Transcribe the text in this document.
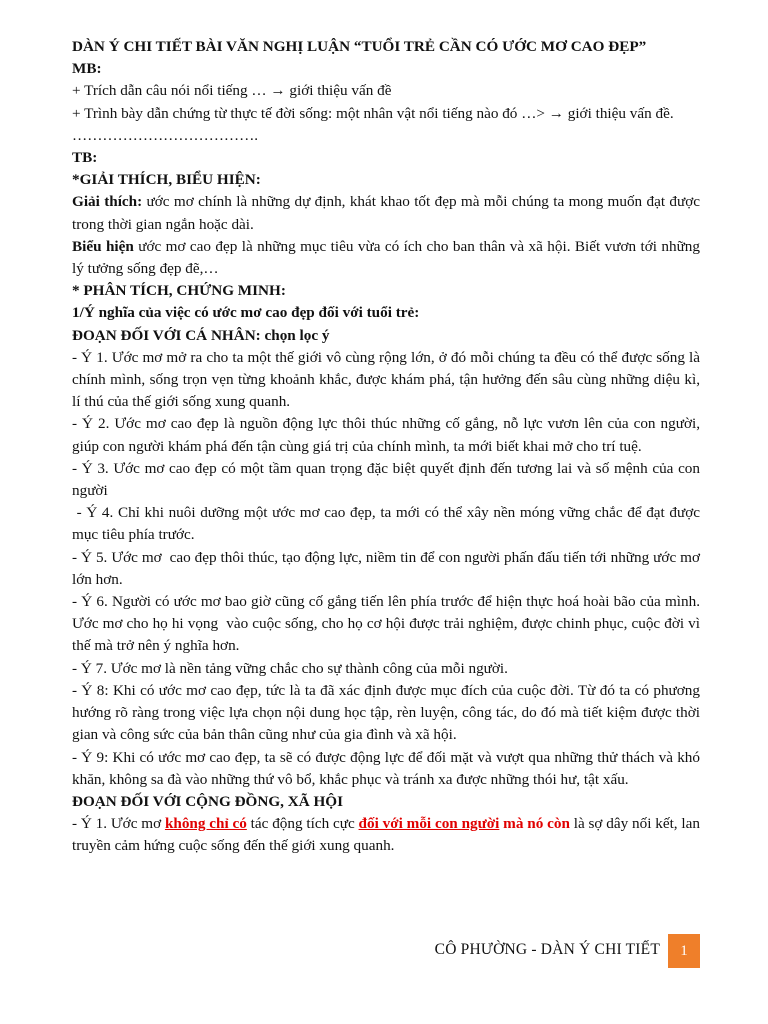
DÀN Ý CHI TIẾT BÀI VĂN NGHỊ LUẬN “TUỔI TRẺ CẦN CÓ ƯỚC MƠ CAO ĐẸP”

MB:

+ Trích dẫn câu nói nổi tiếng … → giới thiệu vấn đề

+ Trình bày dẫn chứng từ thực tế đời sống: một nhân vật nổi tiếng nào đó …> → giới thiệu vấn đề.

……………………………….

TB:

*GIẢI THÍCH, BIỂU HIỆN:

Giải thích: ước mơ chính là những dự định, khát khao tốt đẹp mà mỗi chúng ta mong muốn đạt được trong thời gian ngắn hoặc dài.

Biểu hiện ước mơ cao đẹp là những mục tiêu vừa có ích cho ban thân và xã hội. Biết vươn tới những lý tưởng sống đẹp đẽ,…

* PHÂN TÍCH, CHỨNG MINH:

1/Ý nghĩa của việc có ước mơ cao đẹp đối với tuổi trẻ:

ĐOẠN ĐỐI VỚI CÁ NHÂN: chọn lọc ý

- Ý 1. Ước mơ mở ra cho ta một thế giới vô cùng rộng lớn, ở đó mỗi chúng ta đều có thể được sống là chính mình, sống trọn vẹn từng khoảnh khắc, được khám phá, tận hưởng đến sâu cùng những diệu kì, lí thú của thế giới sống xung quanh.

- Ý 2. Ước mơ cao đẹp là nguồn động lực thôi thúc những cố gắng, nỗ lực vươn lên của con người, giúp con người khám phá đến tận cùng giá trị của chính mình, ta mới biết khai mở cho trí tuệ.

- Ý 3. Ước mơ cao đẹp có một tầm quan trọng đặc biệt quyết định đến tương lai và số mệnh của con người

- Ý 4. Chỉ khi nuôi dưỡng một ước mơ cao đẹp, ta mới có thể xây nền móng vững chắc để đạt được mục tiêu phía trước.

- Ý 5. Ước mơ  cao đẹp thôi thúc, tạo động lực, niềm tin để con người phấn đấu tiến tới những ước mơ lớn hơn.

- Ý 6. Người có ước mơ bao giờ cũng cố gắng tiến lên phía trước để hiện thực hoá hoài bão của mình. Ước mơ cho họ hi vọng  vào cuộc sống, cho họ cơ hội được trải nghiệm, được chinh phục, cuộc đời vì thế mà trở nên ý nghĩa hơn.

- Ý 7. Ước mơ là nền tảng vững chắc cho sự thành công của mỗi người.

- Ý 8: Khi có ước mơ cao đẹp, tức là ta đã xác định được mục đích của cuộc đời. Từ đó ta có phương hướng rõ ràng trong việc lựa chọn nội dung học tập, rèn luyện, công tác, do đó mà tiết kiệm được thời gian và công sức của bản thân cũng như của gia đình và xã hội.

- Ý 9: Khi có ước mơ cao đẹp, ta sẽ có được động lực để đối mặt và vượt qua những thử thách và khó khăn, không sa đà vào những thứ vô bổ, khắc phục và tránh xa được những thói hư, tật xấu.

ĐOẠN ĐỐI VỚI CỘNG ĐỒNG, XÃ HỘI

- Ý 1. Ước mơ không chỉ có tác động tích cực đối với mỗi con người mà nó còn là sợ dây nối kết, lan truyền cảm hứng cuộc sống đến thế giới xung quanh.

CÔ PHƯỜNG - DÀN Ý CHI TIẾT	1
